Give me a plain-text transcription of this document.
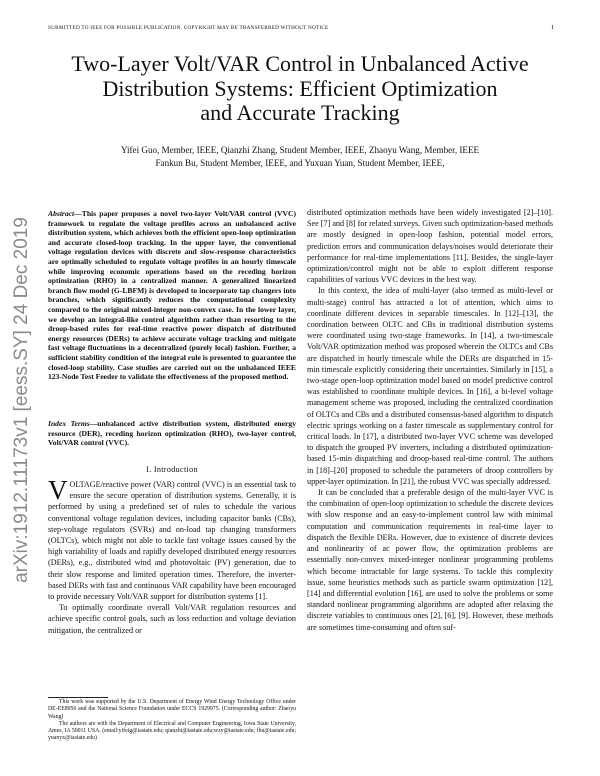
SUBMITTED TO IEEE FOR POSSIBLE PUBLICATION. COPYRIGHT MAY BE TRANSFERRED WITHOUT NOTICE	1
Two-Layer Volt/VAR Control in Unbalanced Active
Distribution Systems: Efficient Optimization
and Accurate Tracking
Yifei Guo, Member, IEEE, Qianzhi Zhang, Student Member, IEEE, Zhaoyu Wang, Member, IEEE
Fankun Bu, Student Member, IEEE, and Yuxuan Yuan, Student Member, IEEE,
arXiv:1912.11173v1 [eess.SY] 24 Dec 2019
Abstract—This paper proposes a novel two-layer Volt/VAR control (VVC) framework to regulate the voltage profiles across an unbalanced active distribution system, which achieves both the efficient open-loop optimization and accurate closed-loop tracking. In the upper layer, the conventional voltage regulation devices with discrete and slow-response characteristics are optimally scheduled to regulate voltage profiles in an hourly timescale while improving economic operations based on the receding horizon optimization (RHO) in a centralized manner. A generalized linearized branch flow model (G-LBFM) is developed to incorporate tap changers into branches, which significantly reduces the computational complexity compared to the original mixed-integer non-convex case. In the lower layer, we develop an integral-like control algorithm rather than resorting to the droop-based rules for real-time reactive power dispatch of distributed energy resources (DERs) to achieve accurate voltage tracking and mitigate fast voltage fluctuations in a decentralized (purely local) fashion. Further, a sufficient stability condition of the integral rule is presented to guarantee the closed-loop stability. Case studies are carried out on the unbalanced IEEE 123-Node Test Feeder to validate the effectiveness of the proposed method.
Index Terms—unbalanced active distribution system, distributed energy resource (DER), receding horizon optimization (RHO), two-layer control, Volt/VAR control (VVC).
I. Introduction

VOLTAGE/reactive power (VAR) control (VVC) is an essential task to ensure the secure operation of distribution systems. Generally, it is performed by using a predefined set of rules to schedule the various conventional voltage regulation devices, including capacitor banks (CBs), step-voltage regulators (SVRs) and on-load tap changing transformers (OLTCs), which might not able to tackle fast voltage issues caused by the high variability of loads and rapidly developed distributed energy resources (DERs), e.g., distributed wind and photovoltaic (PV) generation, due to their slow response and limited operation times. Therefore, the inverter-based DERs with fast and continuous VAR capability have been encouraged to provide necessary Volt/VAR support for distribution systems [1].

To optimally coordinate overall Volt/VAR regulation resources and achieve specific control goals, such as loss reduction and voltage deviation mitigation, the centralized or

This work was supported by the U.S. Department of Energy Wind Energy Technology Office under DE-EE8956 and the National Science Foundation under ECCS 1929975. (Corresponding author: Zhaoyu Wang)

The authors are with the Department of Electrical and Computer Engineering, Iowa State University, Ames, IA 50011 USA. (email:yifeig@iastate.edu; qianzhi@iastate.edu;wzy@iastate.edu; fbu@iastate.edu; yuanyx@iastate.edu)

distributed optimization methods have been widely investigated [2]–[10]. See [7] and [8] for related surveys. Given such optimization-based methods are mostly designed in open-loop fashion, potential model errors, prediction errors and communication delays/noises would deteriorate their performance for real-time implementations [11]. Besides, the single-layer optimization/control might not be able to exploit different response capabilities of various VVC devices in the best way.

In this context, the idea of multi-layer (also termed as multi-level or multi-stage) control has attracted a lot of attention, which aims to coordinate different devices in separable timescales. In [12]–[13], the coordination between OLTC and CBs in traditional distribution systems were coordinated using two-stage frameworks. In [14], a two-timescale Volt/VAR optimization method was proposed wherein the OLTCs and CBs are dispatched in hourly timescale while the DERs are dispatched in 15-min timescale explicitly considering their uncertainties. Similarly in [15], a two-stage open-loop optimization model based on model predictive control was established to coordinate multiple devices. In [16], a bi-level voltage management scheme was proposed, including the centralized coordination of OLTCs and CBs and a distributed consensus-based algorithm to dispatch electric springs working on a faster timescale as supplementary control for critical loads. In [17], a distributed two-layer VVC scheme was developed to dispatch the grouped PV inverters, including a distributed optimization-based 15-min dispatching and droop-based real-time control. The authors in [18]–[20] proposed to schedule the parameters of droop controllers by upper-layer optimization. In [21], the robust VVC was specially addressed.

It can be concluded that a preferable design of the multi-layer VVC is the combination of open-loop optimization to schedule the discrete devices with slow response and an easy-to-implement control law with minimal computation and communication requirements in real-time layer to dispatch the flexible DERs. However, due to existence of discrete devices and nonlinearity of ac power flow, the optimization problems are essentially non-convex mixed-integer nonlinear programming problems which become intractable for large systems. To tackle this complexity issue, some heuristics methods such as particle swarm optimization [12], [14] and differential evolution [16], are used to solve the problems or some standard nonlinear programming algorithms are adopted after relaxing the discrete variables to continuous ones [2], [6], [9]. However, these methods are sometimes time-consuming and often suf-
